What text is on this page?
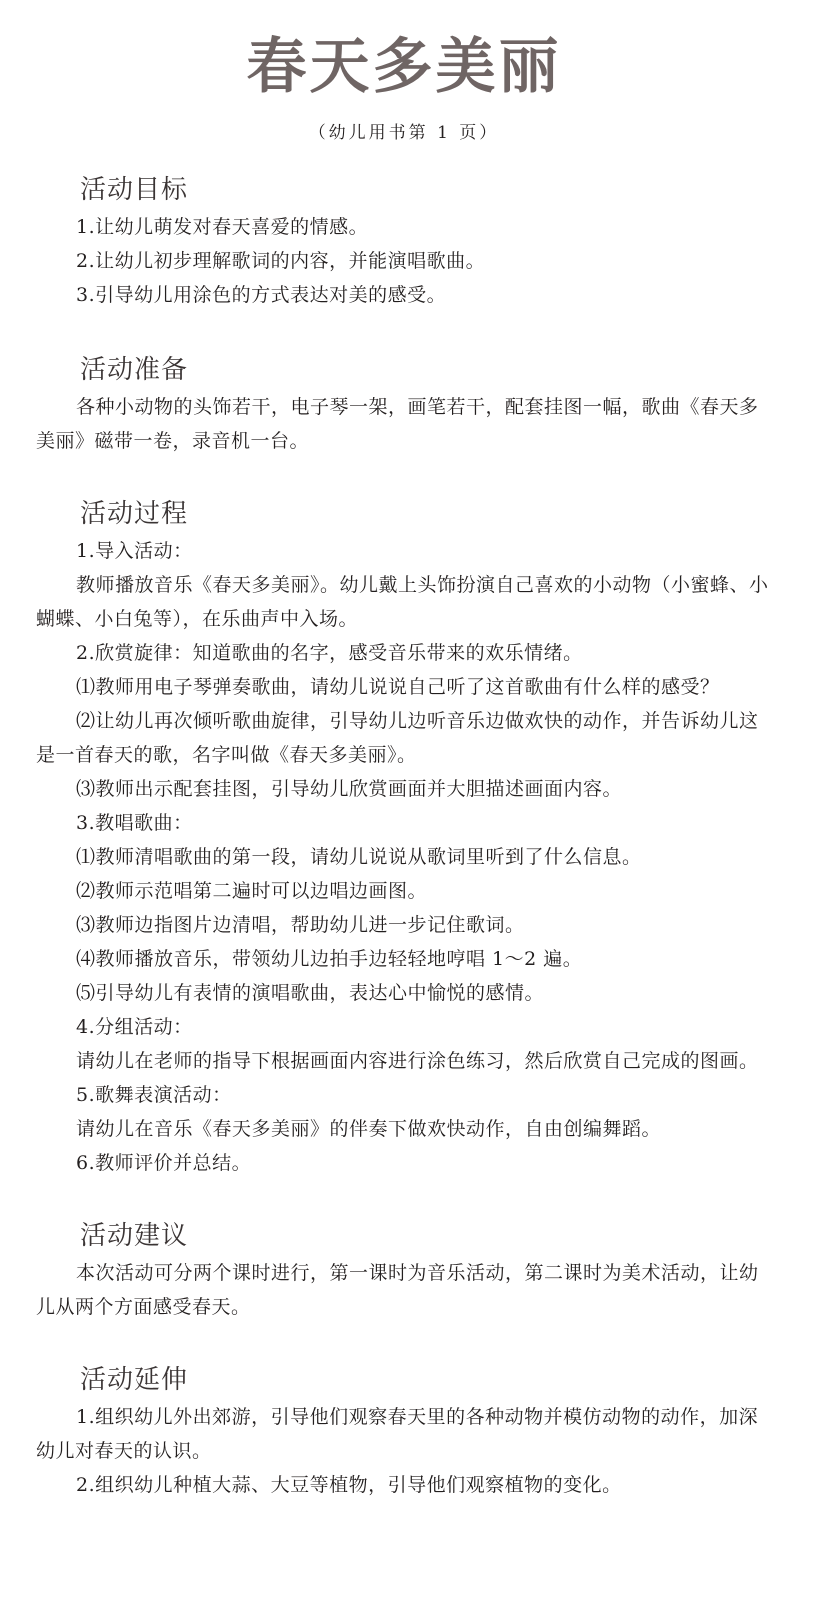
春天多美丽
（幼儿用书第 1 页）
活动目标

1.让幼儿萌发对春天喜爱的情感。

2.让幼儿初步理解歌词的内容，并能演唱歌曲。

3.引导幼儿用涂色的方式表达对美的感受。

活动准备

各种小动物的头饰若干，电子琴一架，画笔若干，配套挂图一幅，歌曲《春天多美丽》磁带一卷，录音机一台。

活动过程

1.导入活动：

教师播放音乐《春天多美丽》。幼儿戴上头饰扮演自己喜欢的小动物（小蜜蜂、小蝴蝶、小白兔等），在乐曲声中入场。

2.欣赏旋律：知道歌曲的名字，感受音乐带来的欢乐情绪。

⑴教师用电子琴弹奏歌曲，请幼儿说说自己听了这首歌曲有什么样的感受？

⑵让幼儿再次倾听歌曲旋律，引导幼儿边听音乐边做欢快的动作，并告诉幼儿这是一首春天的歌，名字叫做《春天多美丽》。

⑶教师出示配套挂图，引导幼儿欣赏画面并大胆描述画面内容。

3.教唱歌曲：

⑴教师清唱歌曲的第一段，请幼儿说说从歌词里听到了什么信息。

⑵教师示范唱第二遍时可以边唱边画图。

⑶教师边指图片边清唱，帮助幼儿进一步记住歌词。

⑷教师播放音乐，带领幼儿边拍手边轻轻地哼唱 1～2 遍。

⑸引导幼儿有表情的演唱歌曲，表达心中愉悦的感情。

4.分组活动：

请幼儿在老师的指导下根据画面内容进行涂色练习，然后欣赏自己完成的图画。

5.歌舞表演活动：

请幼儿在音乐《春天多美丽》的伴奏下做欢快动作，自由创编舞蹈。

6.教师评价并总结。

活动建议

本次活动可分两个课时进行，第一课时为音乐活动，第二课时为美术活动，让幼儿从两个方面感受春天。

活动延伸

1.组织幼儿外出郊游，引导他们观察春天里的各种动物并模仿动物的动作，加深幼儿对春天的认识。

2.组织幼儿种植大蒜、大豆等植物，引导他们观察植物的变化。
